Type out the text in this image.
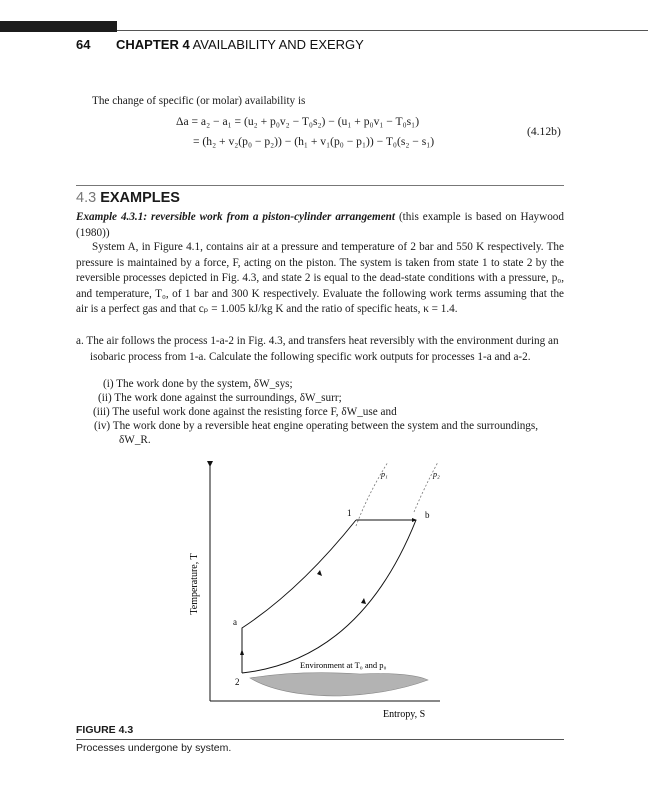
64 CHAPTER 4 AVAILABILITY AND EXERGY
The change of specific (or molar) availability is
Δa = a₂ − a₁ = (u₂ + p₀v₂ − T₀s₂) − (u₁ + p₀v₁ − T₀s₁)
= (h₂ + v₂(p₀ − p₂)) − (h₁ + v₁(p₀ − p₁)) − T₀(s₂ − s₁)
(4.12b)
4.3 EXAMPLES
Example 4.3.1: reversible work from a piston-cylinder arrangement (this example is based on Haywood (1980))
System A, in Figure 4.1, contains air at a pressure and temperature of 2 bar and 550 K respectively. The pressure is maintained by a force, F, acting on the piston. The system is taken from state 1 to state 2 by the reversible processes depicted in Fig. 4.3, and state 2 is equal to the dead-state conditions with a pressure, p₀, and temperature, T₀, of 1 bar and 300 K respectively. Evaluate the following work terms assuming that the air is a perfect gas and that cₚ = 1.005 kJ/kg K and the ratio of specific heats, κ = 1.4.
a. The air follows the process 1-a-2 in Fig. 4.3, and transfers heat reversibly with the environment during an isobaric process from 1-a. Calculate the following specific work outputs for processes 1-a and a-2.
(i) The work done by the system, δW_sys;
(ii) The work done against the surroundings, δW_surr;
(iii) The useful work done against the resisting force F, δW_use and
(iv) The work done by a reversible heat engine operating between the system and the surroundings, δW_R.
Temperature, T
Entropy, S
p₁	p₂
1	b
a
2
Environment at T₀ and p₀
FIGURE 4.3
Processes undergone by system.
